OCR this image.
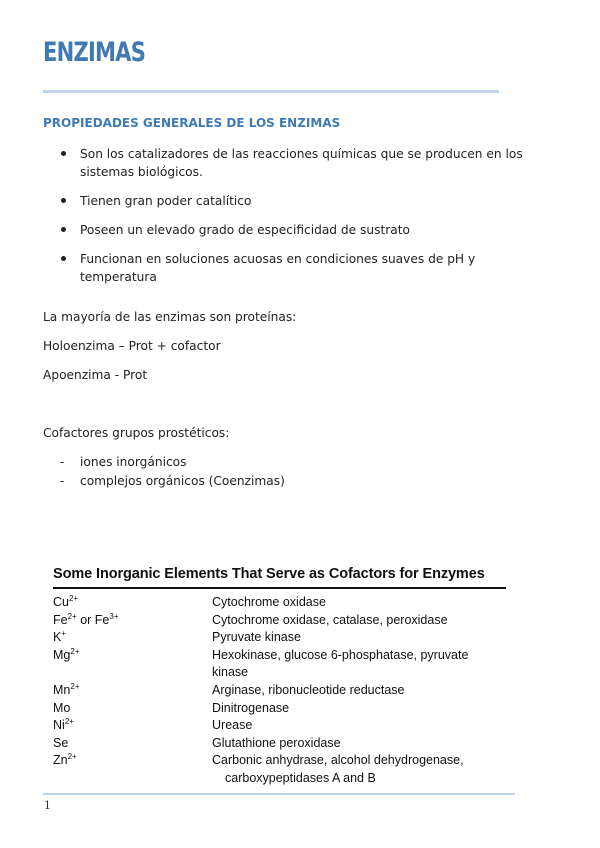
ENZIMAS
PROPIEDADES GENERALES DE LOS ENZIMAS
Son los catalizadores de las reacciones químicas que se producen en los sistemas biológicos.
Tienen gran poder catalítico
Poseen un elevado grado de especificidad de sustrato
Funcionan en soluciones acuosas en condiciones suaves de pH y temperatura

La mayoría de las enzimas son proteínas:

Holoenzima – Prot + cofactor

Apoenzima - Prot

Cofactores grupos prostéticos:

- iones inorgánicos
- complejos orgánicos (Coenzimas)

Some Inorganic Elements That Serve as Cofactors for Enzymes

$Cu^{2+}$	Cytochrome oxidase
$Fe^{2+}$ or $Fe^{3+}$	Cytochrome oxidase, catalase, peroxidase
K+	Pyruvate kinase
$Mg^{2+}$	Hexokinase, glucose 6-phosphatase, pyruvate kinase
$Mn^{2+}$	Arginase, ribonucleotide reductase
Mo	Dinitrogenase
$Ni^{2+}$	Urease
Se	Glutathione peroxidase
$Zn^{2+}$	Carbonic anhydrase, alcohol dehydrogenase,
carboxypeptidases A and B
1
